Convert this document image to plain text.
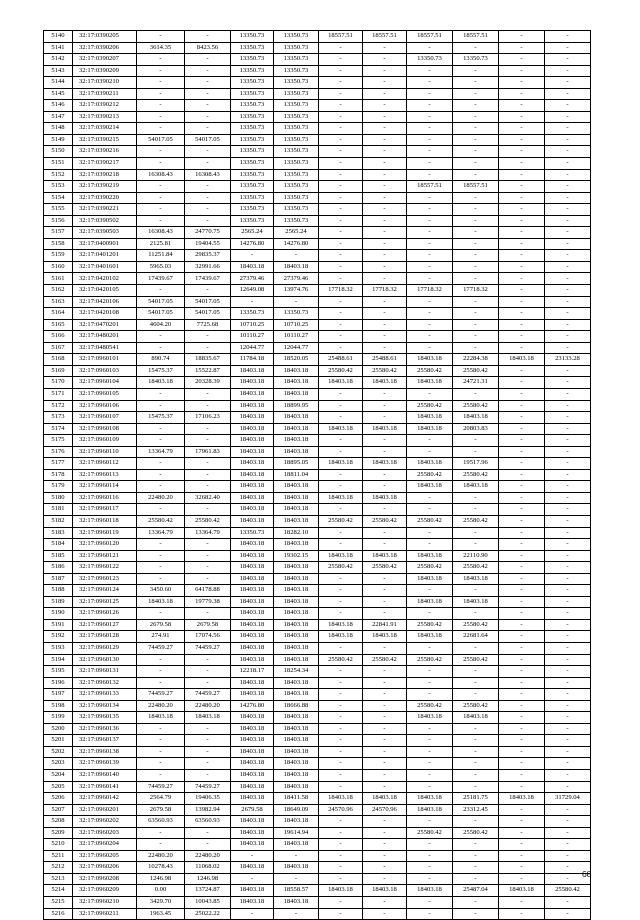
5140	32:17:0390205	-	-	13350.73	13350.73	18557.51	18557.51	18557.51	18557.51	-	-
5141	32:17:0390206	3614.35	8423.56	13350.73	13350.73	-	-	-	-	-	-
5142	32:17:0390207	-	-	13350.73	13350.73	-	-	13350.73	13350.73	-	-
5143	32:17:0390209	-	-	13350.73	13350.73	-	-	-	-	-	-
5144	32:17:0390210	-	-	13350.73	13350.73	-	-	-	-	-	-
5145	32:17:0390211	-	-	13350.73	13350.73	-	-	-	-	-	-
5146	32:17:0390212	-	-	13350.73	13350.73	-	-	-	-	-	-
5147	32:17:0390213	-	-	13350.73	13350.73	-	-	-	-	-	-
5148	32:17:0390214	-	-	13350.73	13350.73	-	-	-	-	-	-
5149	32:17:0390215	54017.05	54017.05	13350.73	13350.73	-	-	-	-	-	-
5150	32:17:0390216	-	-	13350.73	13350.73	-	-	-	-	-	-
5151	32:17:0390217	-	-	13350.73	13350.73	-	-	-	-	-	-
5152	32:17:0390218	16308.43	16308.43	13350.73	13350.73	-	-	-	-	-	-
5153	32:17:0390219	-	-	13350.73	13350.73	-	-	18557.51	18557.51	-	-
5154	32:17:0390220	-	-	13350.73	13350.73	-	-	-	-	-	-
5155	32:17:0390221	-	-	13350.73	13350.73	-	-	-	-	-	-
5156	32:17:0390502	-	-	13350.73	13350.73	-	-	-	-	-	-
5157	32:17:0390503	16308.43	24770.75	2565.24	2565.24	-	-	-	-	-	-
5158	32:17:0400901	2125.81	19404.55	14276.80	14276.80	-	-	-	-	-	-
5159	32:17:0401201	11251.84	29835.37	-	-	-	-	-	-	-	-
5160	32:17:0401601	5965.03	32991.66	18403.18	18403.18	-	-	-	-	-	-
5161	32:17:0420102	17439.67	17439.67	27379.46	27379.46	-	-	-	-	-	-
5162	32:17:0420105	-	-	12649.08	13974.76	17718.32	17718.32	17718.32	17718.32	-	-
5163	32:17:0420106	54017.05	54017.05	-	-	-	-	-	-	-	-
5164	32:17:0420108	54017.05	54017.05	13350.73	13350.73	-	-	-	-	-	-
5165	32:17:0470201	4604.20	7725.68	10710.25	10710.25	-	-	-	-	-	-
5166	32:17:0480201	-	-	10110.27	10110.27	-	-	-	-	-	-
5167	32:17:0480541	-	-	12044.77	12044.77	-	-	-	-	-	-
5168	32:17:0960101	890.74	18835.67	11784.18	18520.05	25488.61	25488.61	18403.18	22284.38	18403.18	23133.28
5169	32:17:0960103	15475.37	15522.87	18403.18	18403.18	25580.42	25580.42	25580.42	25580.42	-	-
5170	32:17:0960104	18403.18	20328.39	18403.18	18403.18	18403.18	18403.18	18403.18	24721.31	-	-
5171	32:17:0960105	-	-	18403.18	18403.18	-	-	-	-	-	-
5172	32:17:0960106	-	-	18403.18	18899.95	-	-	25580.42	25580.42	-	-
5173	32:17:0960107	15475.37	17106.23	18403.18	18403.18	-	-	18403.18	18403.18	-	-
5174	32:17:0960108	-	-	18403.18	18403.18	18403.18	18403.18	18403.18	20803.83	-	-
5175	32:17:0960109	-	-	18403.18	18403.18	-	-	-	-	-	-
5176	32:17:0960110	13364.79	17961.83	18403.18	18403.18	-	-	-	-	-	-
5177	32:17:0960112	-	-	18403.18	18895.05	18403.18	18403.18	18403.18	19517.96	-	-
5178	32:17:0960113	-	-	18403.18	18811.04	-	-	25580.42	25580.42	-	-
5179	32:17:0960114	-	-	18403.18	18403.18	-	-	18403.18	18403.18	-	-
5180	32:17:0960116	22480.20	32682.40	18403.18	18403.18	18403.18	18403.18	-	-	-	-
5181	32:17:0960117	-	-	18403.18	18403.18	-	-	-	-	-	-
5182	32:17:0960118	25580.42	25580.42	18403.18	18403.18	25580.42	25580.42	25580.42	25580.42	-	-
5183	32:17:0960119	13364.79	13364.79	13350.73	18282.10	-	-	-	-	-	-
5184	32:17:0960120	-	-	18403.18	18403.18	-	-	-	-	-	-
5185	32:17:0960121	-	-	18403.18	19302.15	18403.18	18403.18	18403.18	22110.90	-	-
5186	32:17:0960122	-	-	18403.18	18403.18	25580.42	25580.42	25580.42	25580.42	-	-
5187	32:17:0960123	-	-	18403.18	18403.18	-	-	18403.18	18403.18	-	-
5188	32:17:0960124	3450.60	64178.88	18403.18	18403.18	-	-	-	-	-	-
5189	32:17:0960125	18403.18	19779.38	18403.18	18403.18	-	-	18403.18	18403.18	-	-
5190	32:17:0960126	-	-	18403.18	18403.18	-	-	-	-	-	-
5191	32:17:0960127	2679.58	2679.58	18403.18	18403.18	18403.18	22841.91	25580.42	25580.42	-	-
5192	32:17:0960128	274.91	17074.56	18403.18	18403.18	18403.18	18403.18	18403.18	22681.64	-	-
5193	32:17:0960129	74459.27	74459.27	18403.18	18403.18	-	-	-	-	-	-
5194	32:17:0960130	-	-	18403.18	18403.18	25580.42	25580.42	25580.42	25580.42	-	-
5195	32:17:0960131	-	-	12218.17	18254.34	-	-	-	-	-	-
5196	32:17:0960132	-	-	18403.18	18403.18	-	-	-	-	-	-
5197	32:17:0960133	74459.27	74459.27	18403.18	18403.18	-	-	-	-	-	-
5198	32:17:0960134	22480.20	22480.20	14276.80	18666.88	-	-	25580.42	25580.42	-	-
5199	32:17:0960135	18403.18	18403.18	18403.18	18403.18	-	-	18403.18	18403.18	-	-
5200	32:17:0960136	-	-	18403.18	18403.18	-	-	-	-	-	-
5201	32:17:0960137	-	-	18403.18	18403.18	-	-	-	-	-	-
5202	32:17:0960138	-	-	18403.18	18403.18	-	-	-	-	-	-
5203	32:17:0960139	-	-	18403.18	18403.18	-	-	-	-	-	-
5204	32:17:0960140	-	-	18403.18	18403.18	-	-	-	-	-	-
5205	32:17:0960141	74459.27	74459.27	18403.18	18403.18	-	-	-	-	-	-
5206	32:17:0960142	2564.79	19406.35	18403.18	18411.58	18403.18	18403.18	18403.18	25181.75	18403.18	31729.04
5207	32:17:0960201	2679.58	13982.94	2679.58	18649.09	24570.96	24570.96	18403.18	23312.45	-	-
5208	32:17:0960202	63560.93	63560.93	18403.18	18403.18	-	-	-	-	-	-
5209	32:17:0960203	-	-	18403.18	19614.94	-	-	25580.42	25580.42	-	-
5210	32:17:0960204	-	-	18403.18	18403.18	-	-	-	-	-	-
5211	32:17:0960205	22480.20	22480.20	-	-	-	-	-	-	-	-
5212	32:17:0960206	10278.43	11068.02	18403.18	18403.18	-	-	-	-	-	-
5213	32:17:0960208	1246.98	1246.98	-	-	-	-	-	-	-	-
5214	32:17:0960209	0.00	13724.87	18403.18	18558.57	18403.18	18403.18	18403.18	25487.04	18403.18	25580.42
5215	32:17:0960210	3429.70	10043.85	18403.18	18403.18	-	-	-	-	-	-
5216	32:17:0960211	1963.45	25022.22	-	-	-	-	-	-	-	-
68
